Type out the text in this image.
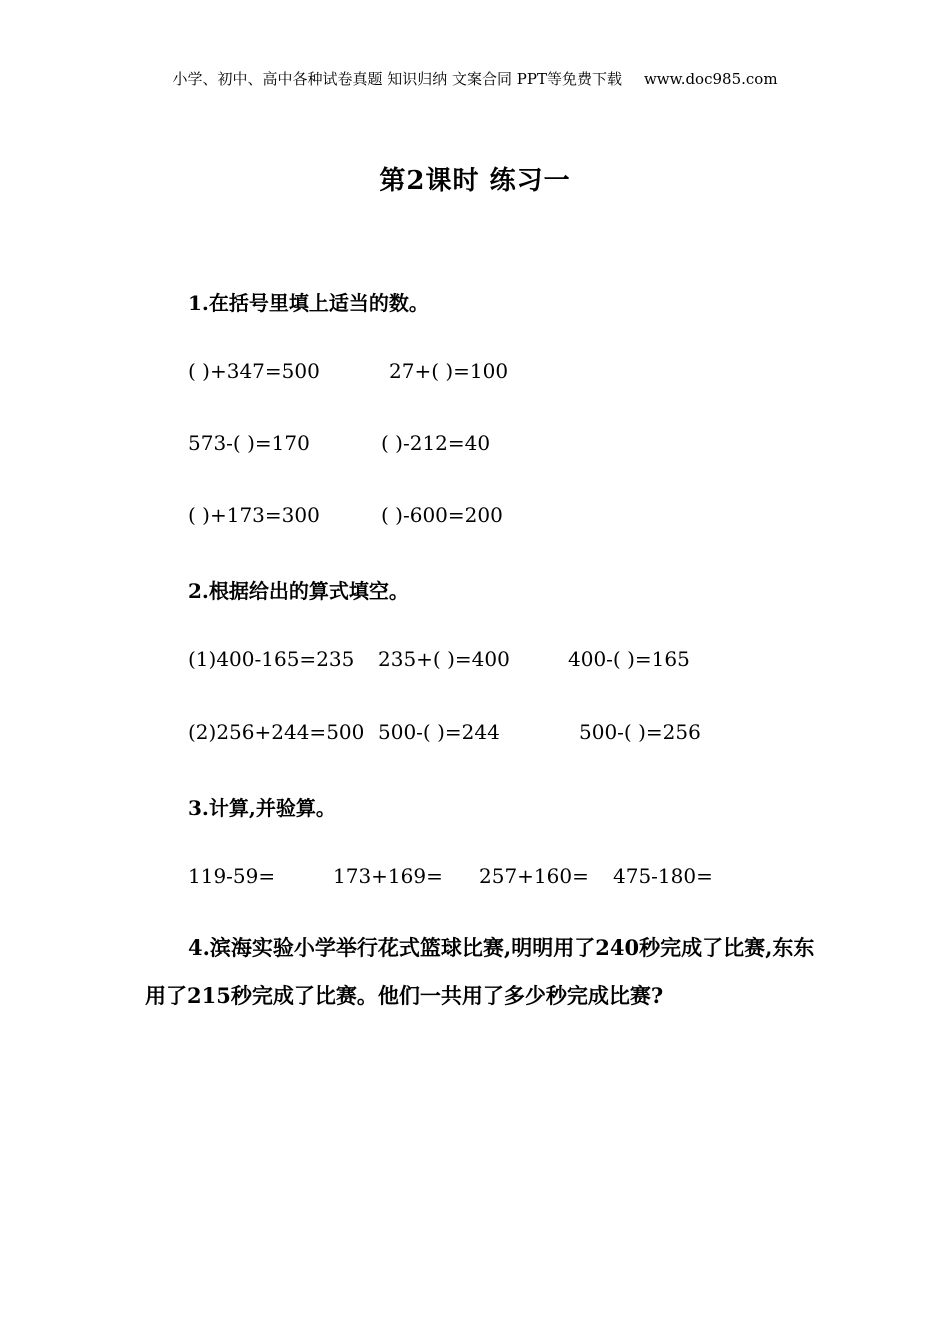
小学、初中、高中各种试卷真题 知识归纳 文案合同 PPT等免费下载 www.doc985.com
第2课时 练习一
1.在括号里填上适当的数。
( )+347=500	27+( )=100
573-( )=170	( )-212=40
( )+173=300	( )-600=200
2.根据给出的算式填空。
(1)400-165=235 235+( )=400	400-( )=165
(2)256+244=500 500-( )=244	500-( )=256
3.计算,并验算。
119-59=	173+169= 257+160= 475-180=
4.滨海实验小学举行花式篮球比赛,明明用了240秒完成了比赛,东东用了215秒完成了比赛。他们一共用了多少秒完成比赛?
